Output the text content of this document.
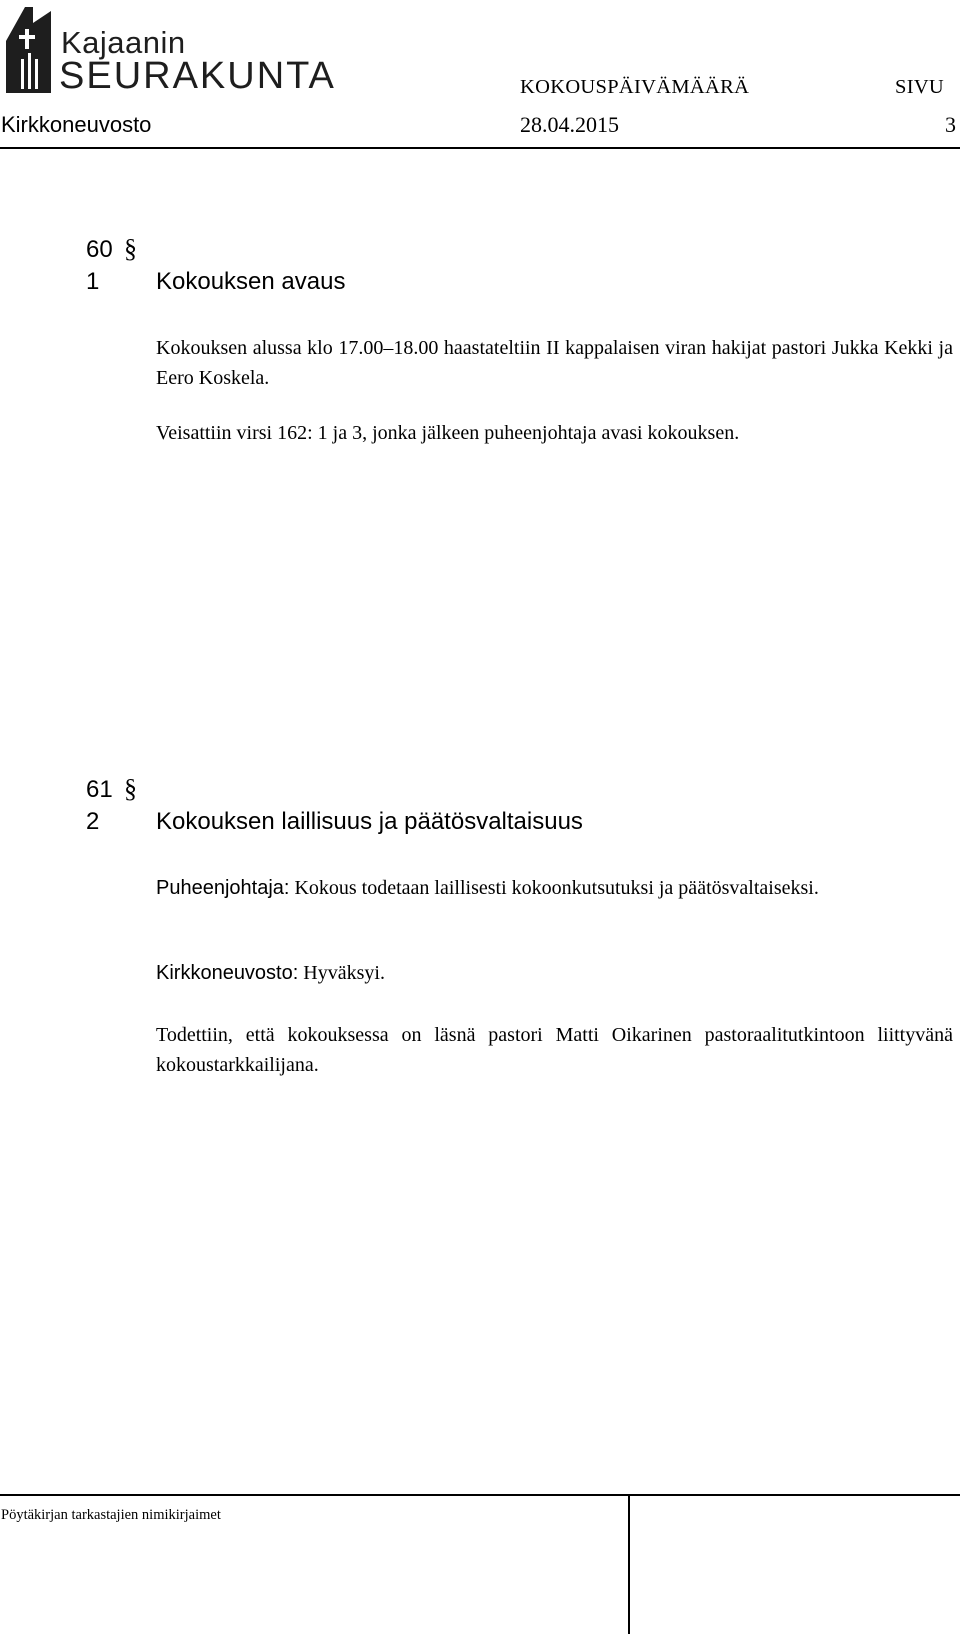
Kajaanin
SEURAKUNTA	KOKOUSPÄIVÄMÄÄRÄ	SIVU
Kirkkoneuvosto	28.04.2015	3
60 §
1 Kokouksen avaus
Kokouksen alussa klo 17.00–18.00 haastateltiin II kappalaisen viran hakijat pastori Jukka Kekki ja Eero Koskela.
Veisattiin virsi 162: 1 ja 3, jonka jälkeen puheenjohtaja avasi kokouksen.
61 §
2 Kokouksen laillisuus ja päätösvaltaisuus
Puheenjohtaja: Kokous todetaan laillisesti kokoonkutsutuksi ja päätösvaltaiseksi.
Kirkkoneuvosto: Hyväksyi.
Todettiin, että kokouksessa on läsnä pastori Matti Oikarinen pastoraalitutkintoon liittyvänä kokoustarkkailijana.
Pöytäkirjan tarkastajien nimikirjaimet
